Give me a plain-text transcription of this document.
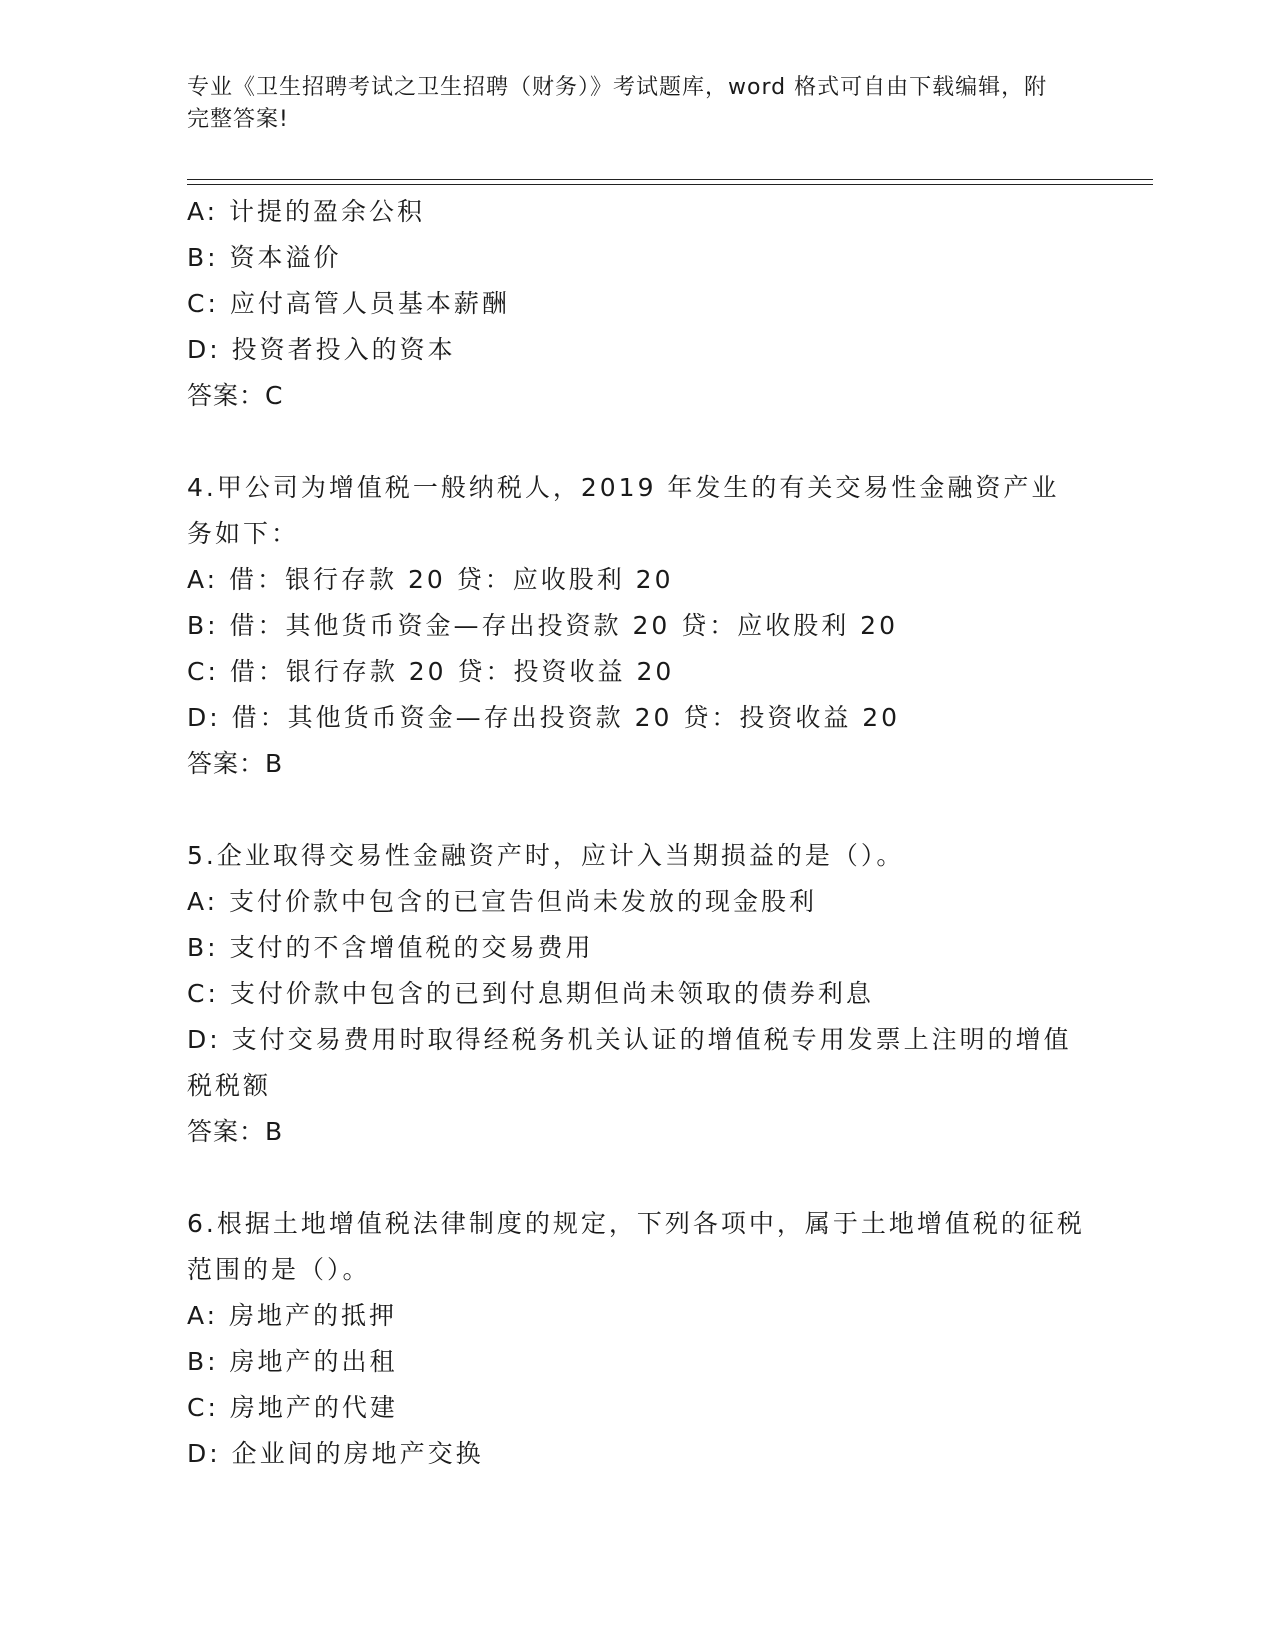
专业《卫生招聘考试之卫生招聘（财务）》考试题库，word 格式可自由下载编辑，附完整答案!
A: 计提的盈余公积
B: 资本溢价
C: 应付高管人员基本薪酬
D: 投资者投入的资本
答案：C
4.甲公司为增值税一般纳税人，2019 年发生的有关交易性金融资产业务如下：
A: 借：银行存款 20 贷：应收股利 20
B: 借：其他货币资金—存出投资款 20 贷：应收股利 20
C: 借：银行存款 20 贷：投资收益 20
D: 借：其他货币资金—存出投资款 20 贷：投资收益 20
答案：B
5.企业取得交易性金融资产时，应计入当期损益的是（）。
A: 支付价款中包含的已宣告但尚未发放的现金股利
B: 支付的不含增值税的交易费用
C: 支付价款中包含的已到付息期但尚未领取的债券利息
D: 支付交易费用时取得经税务机关认证的增值税专用发票上注明的增值税税额
答案：B
6.根据土地增值税法律制度的规定，下列各项中，属于土地增值税的征税范围的是（）。
A: 房地产的抵押
B: 房地产的出租
C: 房地产的代建
D: 企业间的房地产交换
